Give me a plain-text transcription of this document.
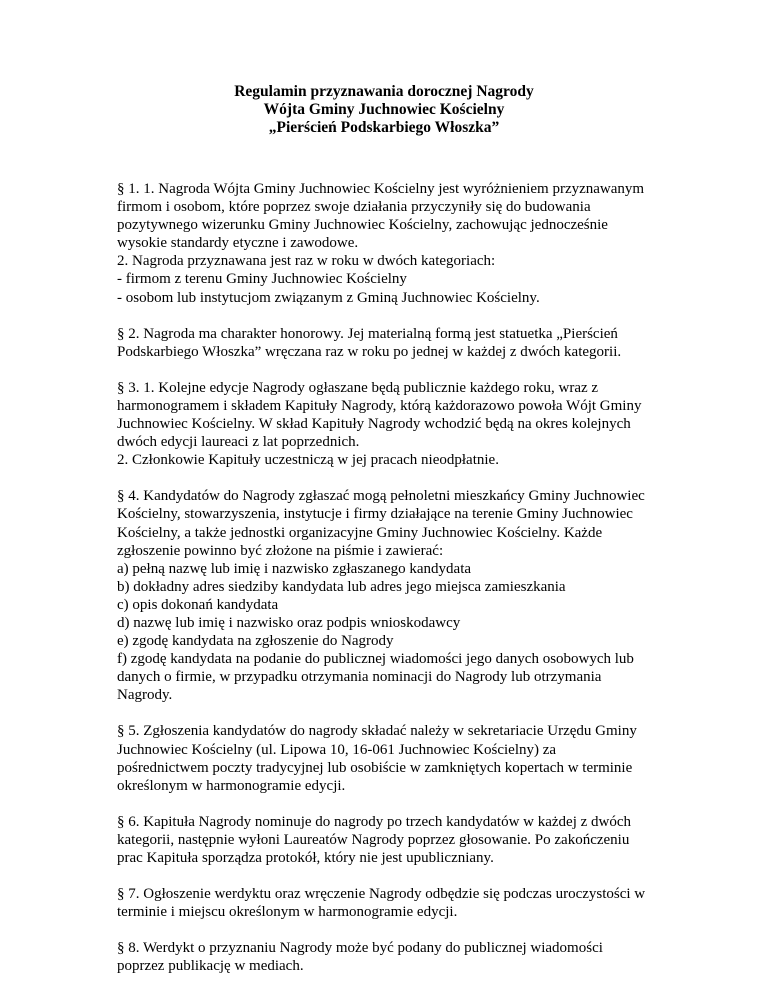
Regulamin przyznawania dorocznej Nagrody
Wójta Gminy Juchnowiec Kościelny
„Pierścień Podskarbiego Włoszka”
§ 1. 1. Nagroda Wójta Gminy Juchnowiec Kościelny jest wyróżnieniem przyznawanym
firmom i osobom, które poprzez swoje działania przyczyniły się do budowania
pozytywnego wizerunku Gminy Juchnowiec Kościelny, zachowując jednocześnie
wysokie standardy etyczne i zawodowe.
2. Nagroda przyznawana jest raz w roku w dwóch kategoriach:
- firmom z terenu Gminy Juchnowiec Kościelny
- osobom lub instytucjom związanym z Gminą Juchnowiec Kościelny.
§ 2. Nagroda ma charakter honorowy. Jej materialną formą jest statuetka „Pierścień
Podskarbiego Włoszka” wręczana raz w roku po jednej w każdej z dwóch kategorii.
§ 3. 1. Kolejne edycje Nagrody ogłaszane będą publicznie każdego roku, wraz z
harmonogramem i składem Kapituły Nagrody, którą każdorazowo powoła Wójt Gminy
Juchnowiec Kościelny. W skład Kapituły Nagrody wchodzić będą na okres kolejnych
dwóch edycji laureaci z lat poprzednich.
2. Członkowie Kapituły uczestniczą w jej pracach nieodpłatnie.
§ 4. Kandydatów do Nagrody zgłaszać mogą pełnoletni mieszkańcy Gminy Juchnowiec
Kościelny, stowarzyszenia, instytucje i firmy działające na terenie Gminy Juchnowiec
Kościelny, a także jednostki organizacyjne Gminy Juchnowiec Kościelny. Każde
zgłoszenie powinno być złożone na piśmie i zawierać:
a) pełną nazwę lub imię i nazwisko zgłaszanego kandydata
b) dokładny adres siedziby kandydata lub adres jego miejsca zamieszkania
c) opis dokonań kandydata
d) nazwę lub imię i nazwisko oraz podpis wnioskodawcy
e) zgodę kandydata na zgłoszenie do Nagrody
f) zgodę kandydata na podanie do publicznej wiadomości jego danych osobowych lub
danych o firmie, w przypadku otrzymania nominacji do Nagrody lub otrzymania
Nagrody.
§ 5. Zgłoszenia kandydatów do nagrody składać należy w sekretariacie Urzędu Gminy
Juchnowiec Kościelny (ul. Lipowa 10, 16-061 Juchnowiec Kościelny) za
pośrednictwem poczty tradycyjnej lub osobiście w zamkniętych kopertach w terminie
określonym w harmonogramie edycji.
§ 6. Kapituła Nagrody nominuje do nagrody po trzech kandydatów w każdej z dwóch
kategorii, następnie wyłoni Laureatów Nagrody poprzez głosowanie. Po zakończeniu
prac Kapituła sporządza protokół, który nie jest upubliczniany.
§ 7. Ogłoszenie werdyktu oraz wręczenie Nagrody odbędzie się podczas uroczystości w
terminie i miejscu określonym w harmonogramie edycji.
§ 8. Werdykt o przyznaniu Nagrody może być podany do publicznej wiadomości
poprzez publikację w mediach.
